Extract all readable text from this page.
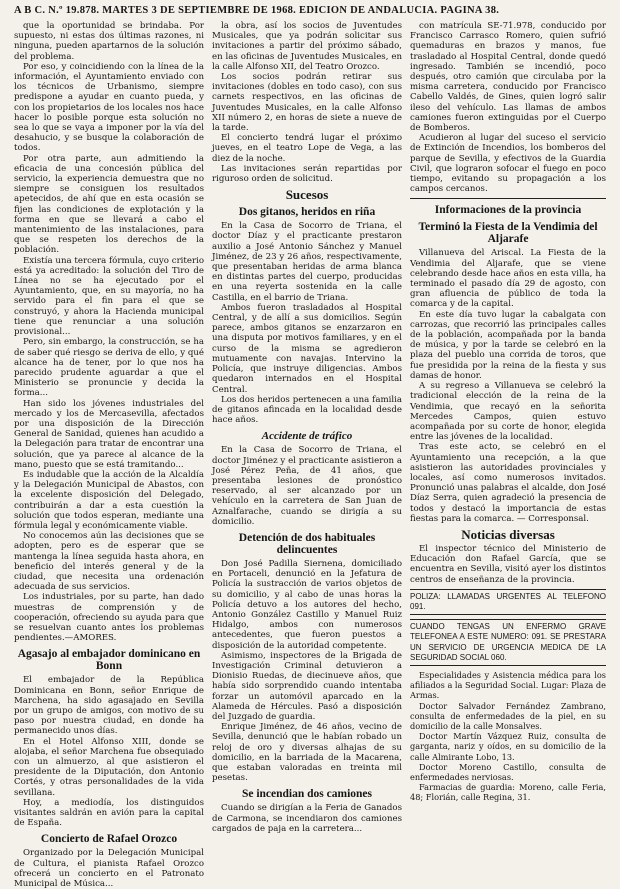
A B C. N.º 19.878. MARTES 3 DE SEPTIEMBRE DE 1968. EDICION DE ANDALUCIA. PAGINA 38.

que la oportunidad se brindaba. Por supuesto, ni estas dos últimas razones, ni ninguna, pueden apartarnos de la solución del problema.

Por eso, y coincidiendo con la línea de la información, el Ayuntamiento enviado con los técnicos de Urbanismo, siempre predispone a ayudar en cuanto pueda, y con los propietarios de los locales nos hace hacer lo posible porque esta solución no sea lo que se vaya a imponer por la vía del desahucio, y se busque la colaboración de todos.

Por otra parte, aun admitiendo la eficacia de una concesión pública del servicio, la experiencia demuestra que no siempre se consiguen los resultados apetecidos, de ahí que en esta ocasión se fijen las condiciones de explotación y la forma en que se llevará a cabo el mantenimiento de las instalaciones, para que se respeten los derechos de la población.

Existía una tercera fórmula, cuyo criterio está ya acreditado: la solución del Tiro de Línea no se ha ejecutado por el Ayuntamiento, que, en su mayoría, no ha servido para el fin para el que se construyó, y ahora la Hacienda municipal tiene que renunciar a una solución provisional...

Pero, sin embargo, la construcción, se ha de saber qué riesgo se deriva de ello, y qué alcance ha de tener, por lo que nos ha parecido prudente aguardar a que el Ministerio se pronuncie y decida la forma...

Han sido los jóvenes industriales del mercado y los de Mercasevilla, afectados por una disposición de la Dirección General de Sanidad, quienes han acudido a la Delegación para tratar de encontrar una solución, que ya parece al alcance de la mano, puesto que se está tramitando...

Es indudable que la acción de la Alcaldía y la Delegación Municipal de Abastos, con la excelente disposición del Delegado, contribuirán a dar a esta cuestión la solución que todos esperan, mediante una fórmula legal y económicamente viable.

No conocemos aún las decisiones que se adopten, pero es de esperar que se mantenga la línea seguida hasta ahora, en beneficio del interés general y de la ciudad, que necesita una ordenación adecuada de sus servicios.

Los industriales, por su parte, han dado muestras de comprensión y de cooperación, ofreciendo su ayuda para que se resuelvan cuanto antes los problemas pendientes.—AMORES.

Agasajo al embajador dominicano en Bonn

El embajador de la República Dominicana en Bonn, señor Enrique de Marchena, ha sido agasajado en Sevilla por un grupo de amigos, con motivo de su paso por nuestra ciudad, en donde ha permanecido unos días.

En el Hotel Alfonso XIII, donde se alojaba, el señor Marchena fue obsequiado con un almuerzo, al que asistieron el presidente de la Diputación, don Antonio Cortés, y otras personalidades de la vida sevillana.

Hoy, a mediodía, los distinguidos visitantes saldrán en avión para la capital de España.

Concierto de Rafael Orozco

Organizado por la Delegación Municipal de Cultura, el pianista Rafael Orozco ofrecerá un concierto en el Patronato Municipal de Música...

la obra, así los socios de Juventudes Musicales, que ya podrán solicitar sus invitaciones a partir del próximo sábado, en las oficinas de Juventudes Musicales, en la calle Alfonso XII, del Teatro Orozco.

Los socios podrán retirar sus invitaciones (dobles en todo caso), con sus carnets respectivos, en las oficinas de Juventudes Musicales, en la calle Alfonso XII número 2, en horas de siete a nueve de la tarde.

El concierto tendrá lugar el próximo jueves, en el teatro Lope de Vega, a las diez de la noche.

Las invitaciones serán repartidas por riguroso orden de solicitud.

Sucesos
Dos gitanos, heridos en riña

En la Casa de Socorro de Triana, el doctor Díaz y el practicante prestaron auxilio a José Antonio Sánchez y Manuel Jiménez, de 23 y 26 años, respectivamente, que presentaban heridas de arma blanca en distintas partes del cuerpo, producidas en una reyerta sostenida en la calle Castilla, en el barrio de Triana.

Ambos fueron trasladados al Hospital Central, y de allí a sus domicilios. Según parece, ambos gitanos se enzarzaron en una disputa por motivos familiares, y en el curso de la misma se agredieron mutuamente con navajas. Intervino la Policía, que instruye diligencias. Ambos quedaron internados en el Hospital Central.

Los dos heridos pertenecen a una familia de gitanos afincada en la localidad desde hace años.

Accidente de tráfico

En la Casa de Socorro de Triana, el doctor Jiménez y el practicante asistieron a José Pérez Peña, de 41 años, que presentaba lesiones de pronóstico reservado, al ser alcanzado por un vehículo en la carretera de San Juan de Aznalfarache, cuando se dirigía a su domicilio.

Detención de dos habituales delincuentes

Don José Padilla Siernena, domiciliado en Portaceli, denunció en la Jefatura de Policía la sustracción de varios objetos de su domicilio, y al cabo de unas horas la Policía detuvo a los autores del hecho, Antonio González Castillo y Manuel Ruiz Hidalgo, ambos con numerosos antecedentes, que fueron puestos a disposición de la autoridad competente.

Asimismo, inspectores de la Brigada de Investigación Criminal detuvieron a Dionisio Ruedas, de diecinueve años, que había sido sorprendido cuando intentaba forzar un automóvil aparcado en la Alameda de Hércules. Pasó a disposición del Juzgado de guardia.

Enrique Jiménez, de 46 años, vecino de Sevilla, denunció que le habían robado un reloj de oro y diversas alhajas de su domicilio, en la barriada de la Macarena, que estaban valoradas en treinta mil pesetas.

Se incendian dos camiones

Cuando se dirigían a la Feria de Ganados de Carmona, se incendiaron dos camiones cargados de paja en la carretera...

con matrícula SE-71.978, conducido por Francisco Carrasco Romero, quien sufrió quemaduras en brazos y manos, fue trasladado al Hospital Central, donde quedó ingresado. También se incendió, poco después, otro camión que circulaba por la misma carretera, conducido por Francisco Cabello Valdés, de Gines, quien logró salir ileso del vehículo. Las llamas de ambos camiones fueron extinguidas por el Cuerpo de Bomberos.

Acudieron al lugar del suceso el servicio de Extinción de Incendios, los bomberos del parque de Sevilla, y efectivos de la Guardia Civil, que lograron sofocar el fuego en poco tiempo, evitando su propagación a los campos cercanos.

Informaciones de la provincia
Terminó la Fiesta de la Vendimia del Aljarafe

Villanueva del Ariscal. La Fiesta de la Vendimia del Aljarafe, que se viene celebrando desde hace años en esta villa, ha terminado el pasado día 29 de agosto, con gran afluencia de público de toda la comarca y de la capital.

En este día tuvo lugar la cabalgata con carrozas, que recorrió las principales calles de la población, acompañada por la banda de música, y por la tarde se celebró en la plaza del pueblo una corrida de toros, que fue presidida por la reina de la fiesta y sus damas de honor.

A su regreso a Villanueva se celebró la tradicional elección de la reina de la Vendimia, que recayó en la señorita Mercedes Campos, quien estuvo acompañada por su corte de honor, elegida entre las jóvenes de la localidad.

Tras este acto, se celebró en el Ayuntamiento una recepción, a la que asistieron las autoridades provinciales y locales, así como numerosos invitados. Pronunció unas palabras el alcalde, don José Díaz Serra, quien agradeció la presencia de todos y destacó la importancia de estas fiestas para la comarca. — Corresponsal.

Noticias diversas

El inspector técnico del Ministerio de Educación don Rafael García, que se encuentra en Sevilla, visitó ayer los distintos centros de enseñanza de la provincia.

POLIZA: LLAMADAS URGENTES AL TELEFONO 091.

CUANDO TENGAS UN ENFERMO GRAVE TELEFONEA A ESTE NUMERO: 091. SE PRESTARA UN SERVICIO DE URGENCIA MEDICA DE LA SEGURIDAD SOCIAL 060.

Especialidades y Asistencia médica para los afiliados a la Seguridad Social. Lugar: Plaza de Armas.

Doctor Salvador Fernández Zambrano, consulta de enfermedades de la piel, en su domicilio de la calle Monsalves.

Doctor Martín Vázquez Ruiz, consulta de garganta, nariz y oídos, en su domicilio de la calle Almirante Lobo, 13.

Doctor Moreno Castillo, consulta de enfermedades nerviosas.

Farmacias de guardia: Moreno, calle Feria, 48; Florián, calle Regina, 31.
